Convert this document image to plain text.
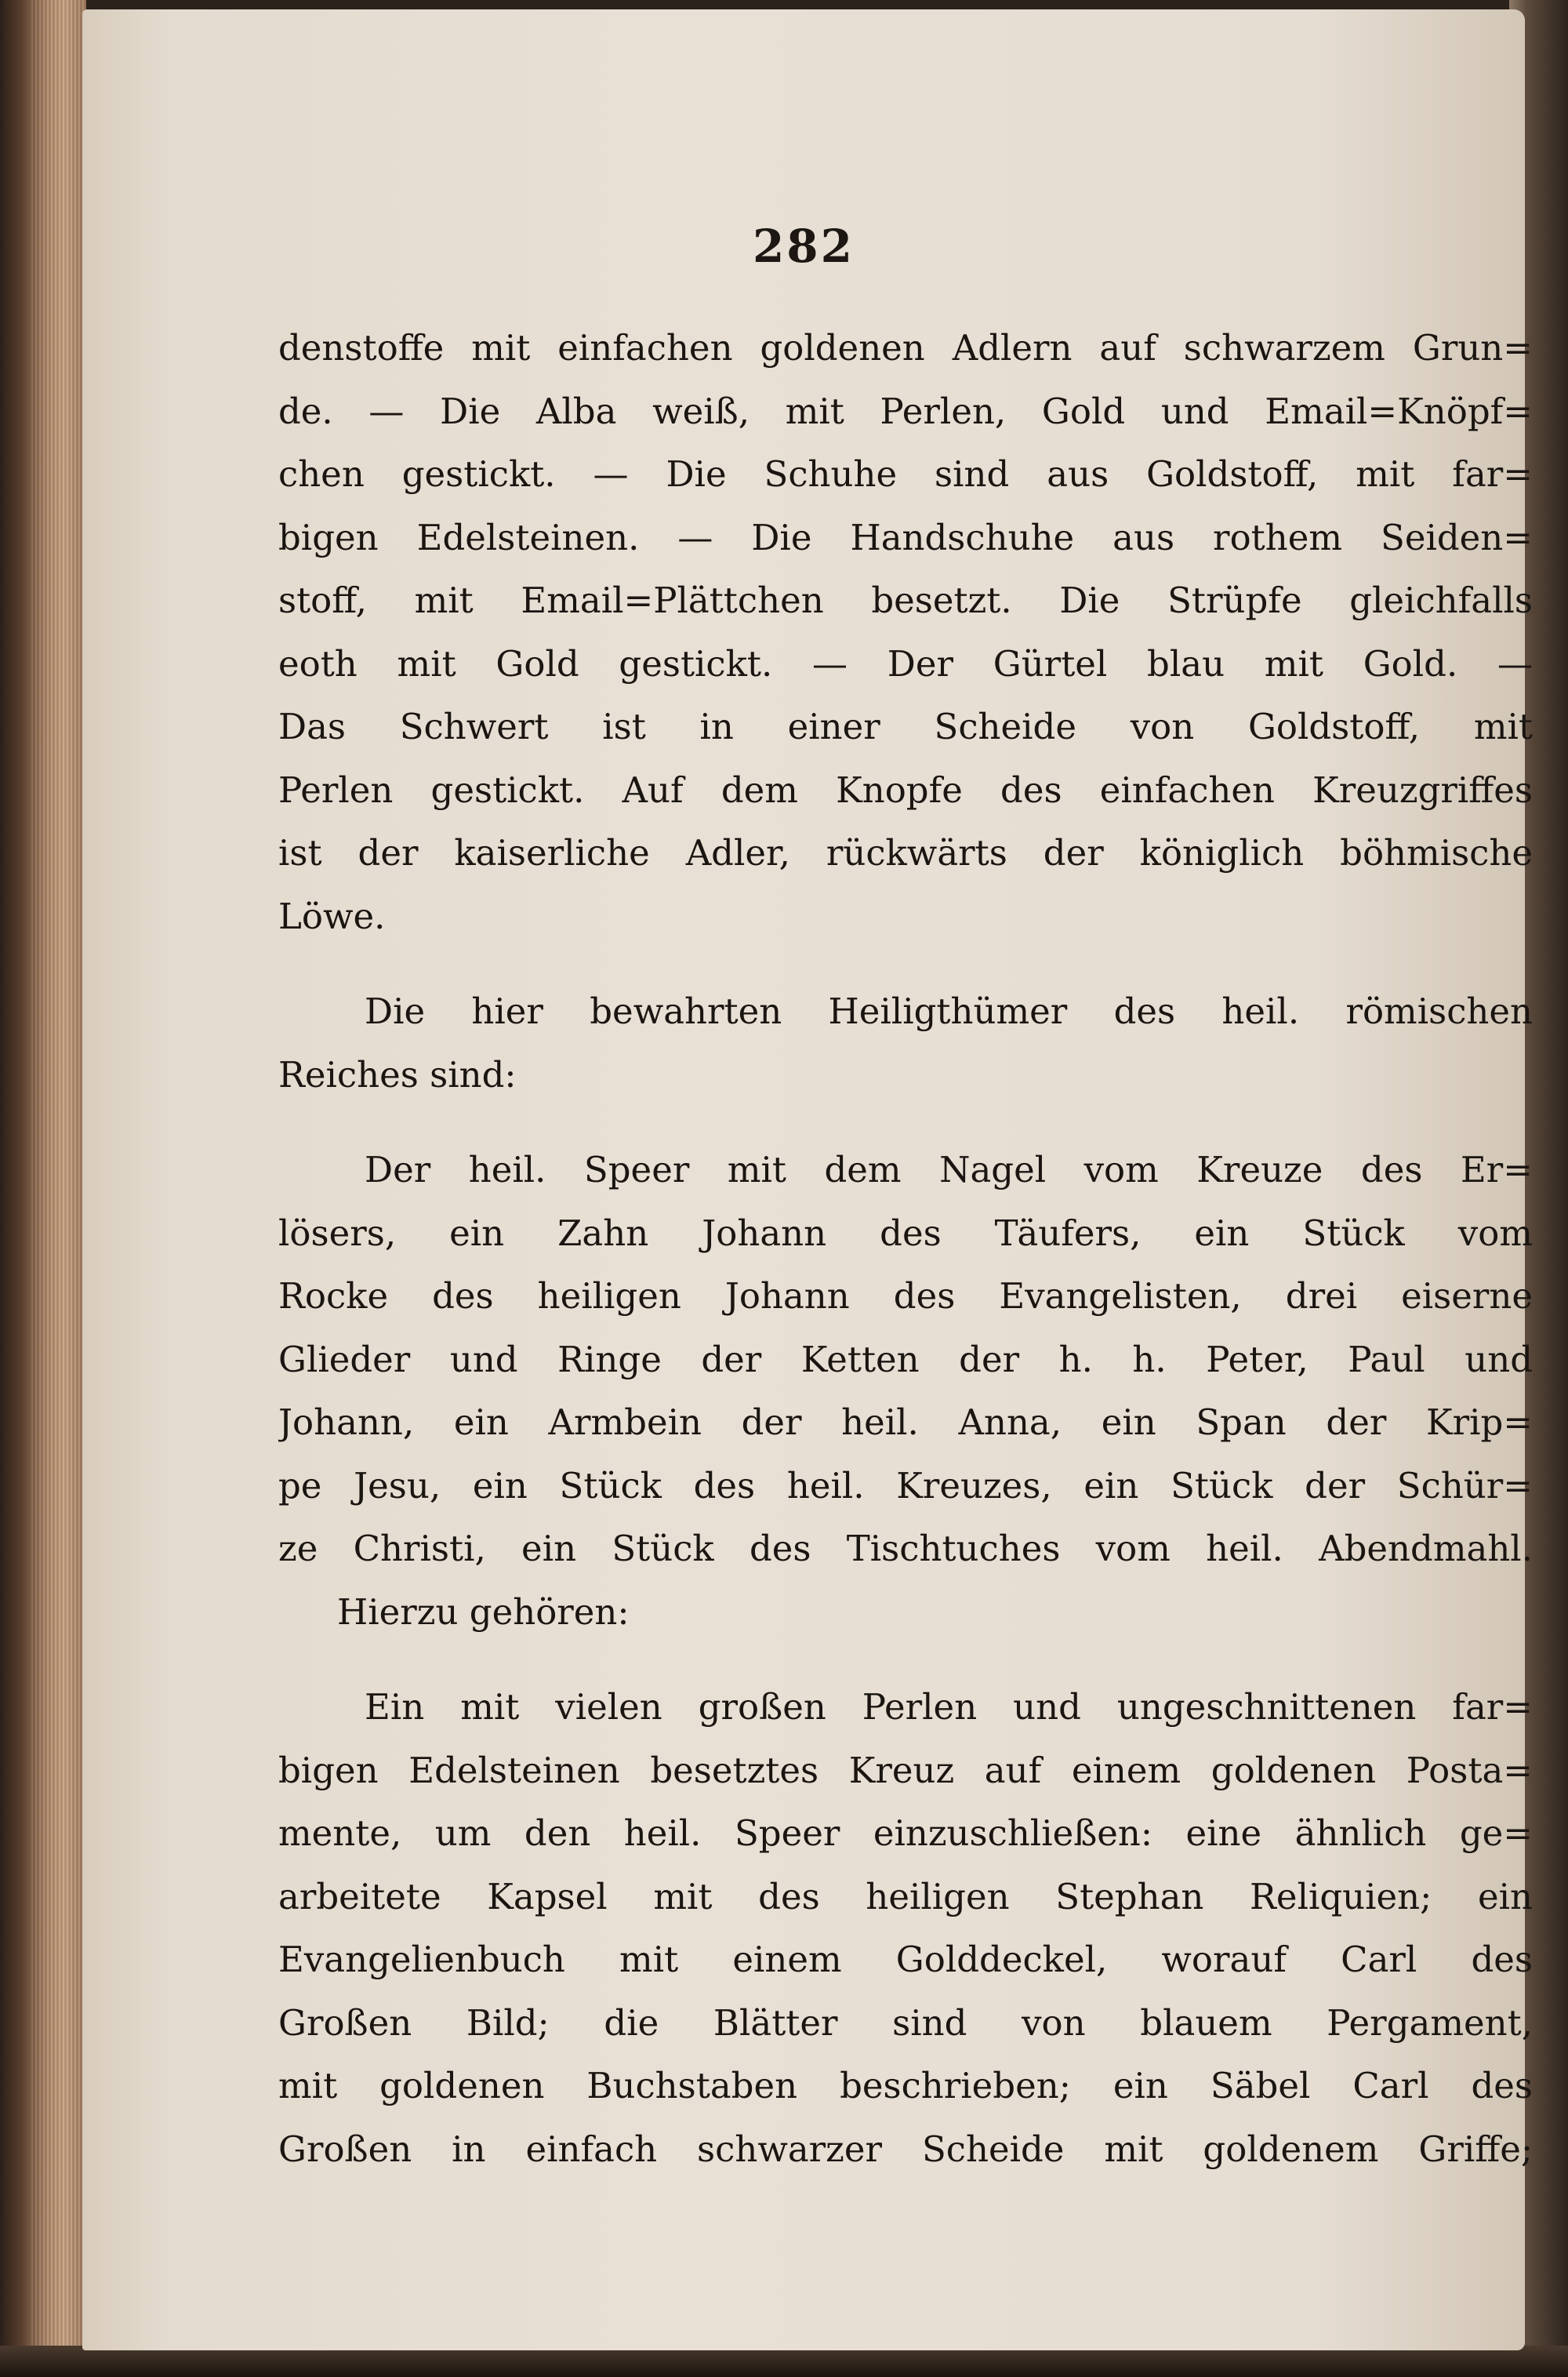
282
denstoffe mit einfachen goldenen Adlern auf schwarzem Grun=
de. — Die Alba weiß, mit Perlen, Gold und Email=Knöpf=
chen gestickt. — Die Schuhe sind aus Goldstoff, mit far=
bigen Edelsteinen. — Die Handschuhe aus rothem Seiden=
stoff, mit Email=Plättchen besetzt. Die Strüpfe gleichfalls
eoth mit Gold gestickt. — Der Gürtel blau mit Gold. —
Das Schwert ist in einer Scheide von Goldstoff, mit
Perlen gestickt. Auf dem Knopfe des einfachen Kreuzgriffes
ist der kaiserliche Adler, rückwärts der königlich böhmische
Löwe.
Die hier bewahrten Heiligthümer des heil. römischen
Reiches sind:
Der heil. Speer mit dem Nagel vom Kreuze des Er=
lösers, ein Zahn Johann des Täufers, ein Stück vom
Rocke des heiligen Johann des Evangelisten, drei eiserne
Glieder und Ringe der Ketten der h. h. Peter, Paul und
Johann, ein Armbein der heil. Anna, ein Span der Krip=
pe Jesu, ein Stück des heil. Kreuzes, ein Stück der Schür=
ze Christi, ein Stück des Tischtuches vom heil. Abendmahl.
Hierzu gehören:
Ein mit vielen großen Perlen und ungeschnittenen far=
bigen Edelsteinen besetztes Kreuz auf einem goldenen Posta=
mente, um den heil. Speer einzuschließen: eine ähnlich ge=
arbeitete Kapsel mit des heiligen Stephan Reliquien; ein
Evangelienbuch mit einem Golddeckel, worauf Carl des
Großen Bild; die Blätter sind von blauem Pergament,
mit goldenen Buchstaben beschrieben; ein Säbel Carl des
Großen in einfach schwarzer Scheide mit goldenem Griffe;
